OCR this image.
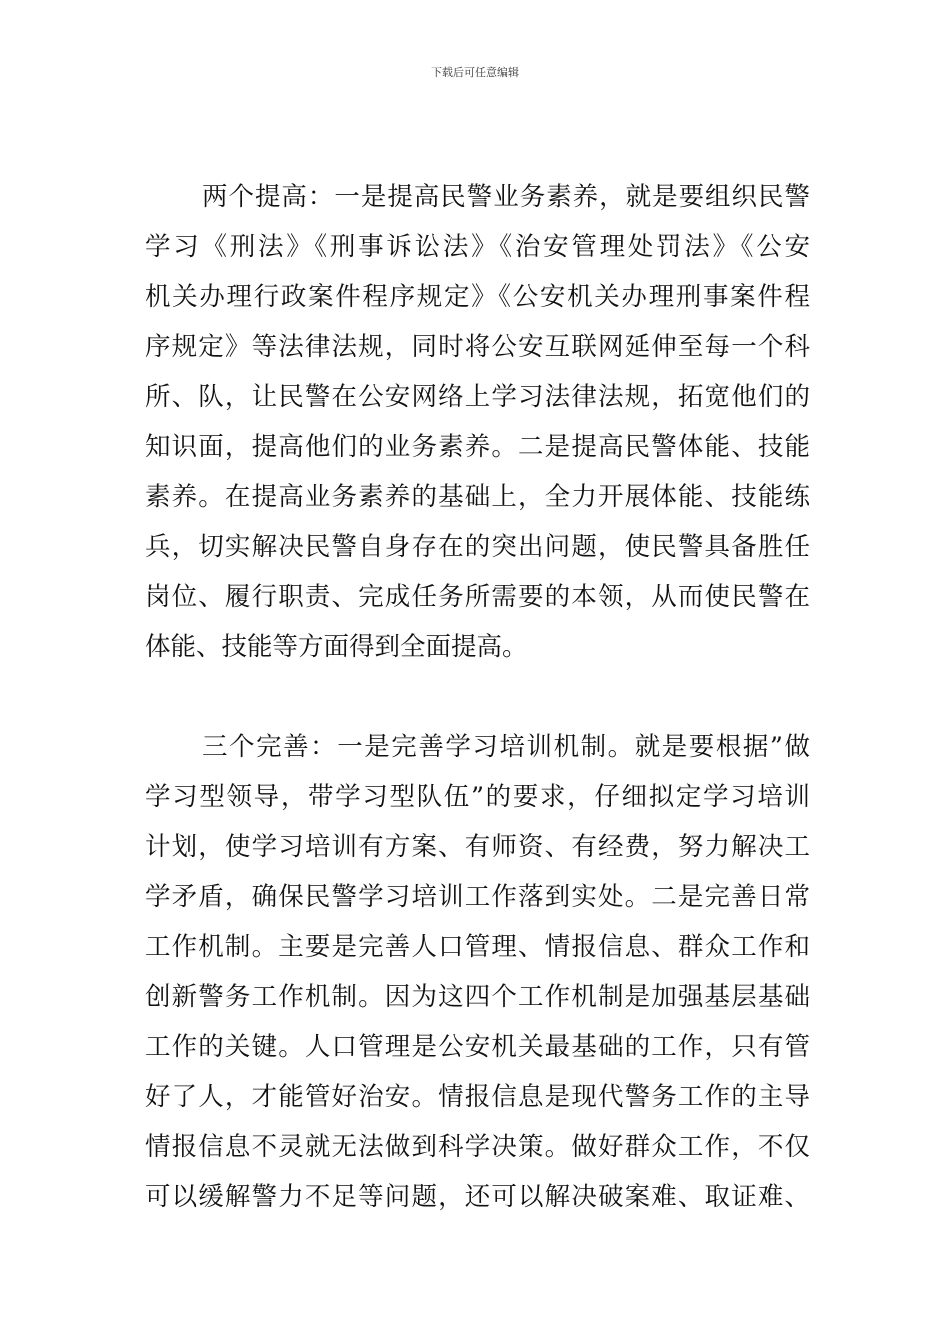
下载后可任意编辑
两个提高：一是提高民警业务素养，就是要组织民警
学习《刑法》《刑事诉讼法》《治安管理处罚法》《公安
机关办理行政案件程序规定》《公安机关办理刑事案件程
序规定》等法律法规，同时将公安互联网延伸至每一个科
所、队，让民警在公安网络上学习法律法规，拓宽他们的
知识面，提高他们的业务素养。二是提高民警体能、技能
素养。在提高业务素养的基础上，全力开展体能、技能练
兵，切实解决民警自身存在的突出问题，使民警具备胜任
岗位、履行职责、完成任务所需要的本领，从而使民警在
体能、技能等方面得到全面提高。
三个完善：一是完善学习培训机制。就是要根据”做
学习型领导，带学习型队伍”的要求，仔细拟定学习培训
计划，使学习培训有方案、有师资、有经费，努力解决工
学矛盾，确保民警学习培训工作落到实处。二是完善日常
工作机制。主要是完善人口管理、情报信息、群众工作和
创新警务工作机制。因为这四个工作机制是加强基层基础
工作的关键。人口管理是公安机关最基础的工作，只有管
好了人，才能管好治安。情报信息是现代警务工作的主导
情报信息不灵就无法做到科学决策。做好群众工作，不仅
可以缓解警力不足等问题，还可以解决破案难、取证难、
